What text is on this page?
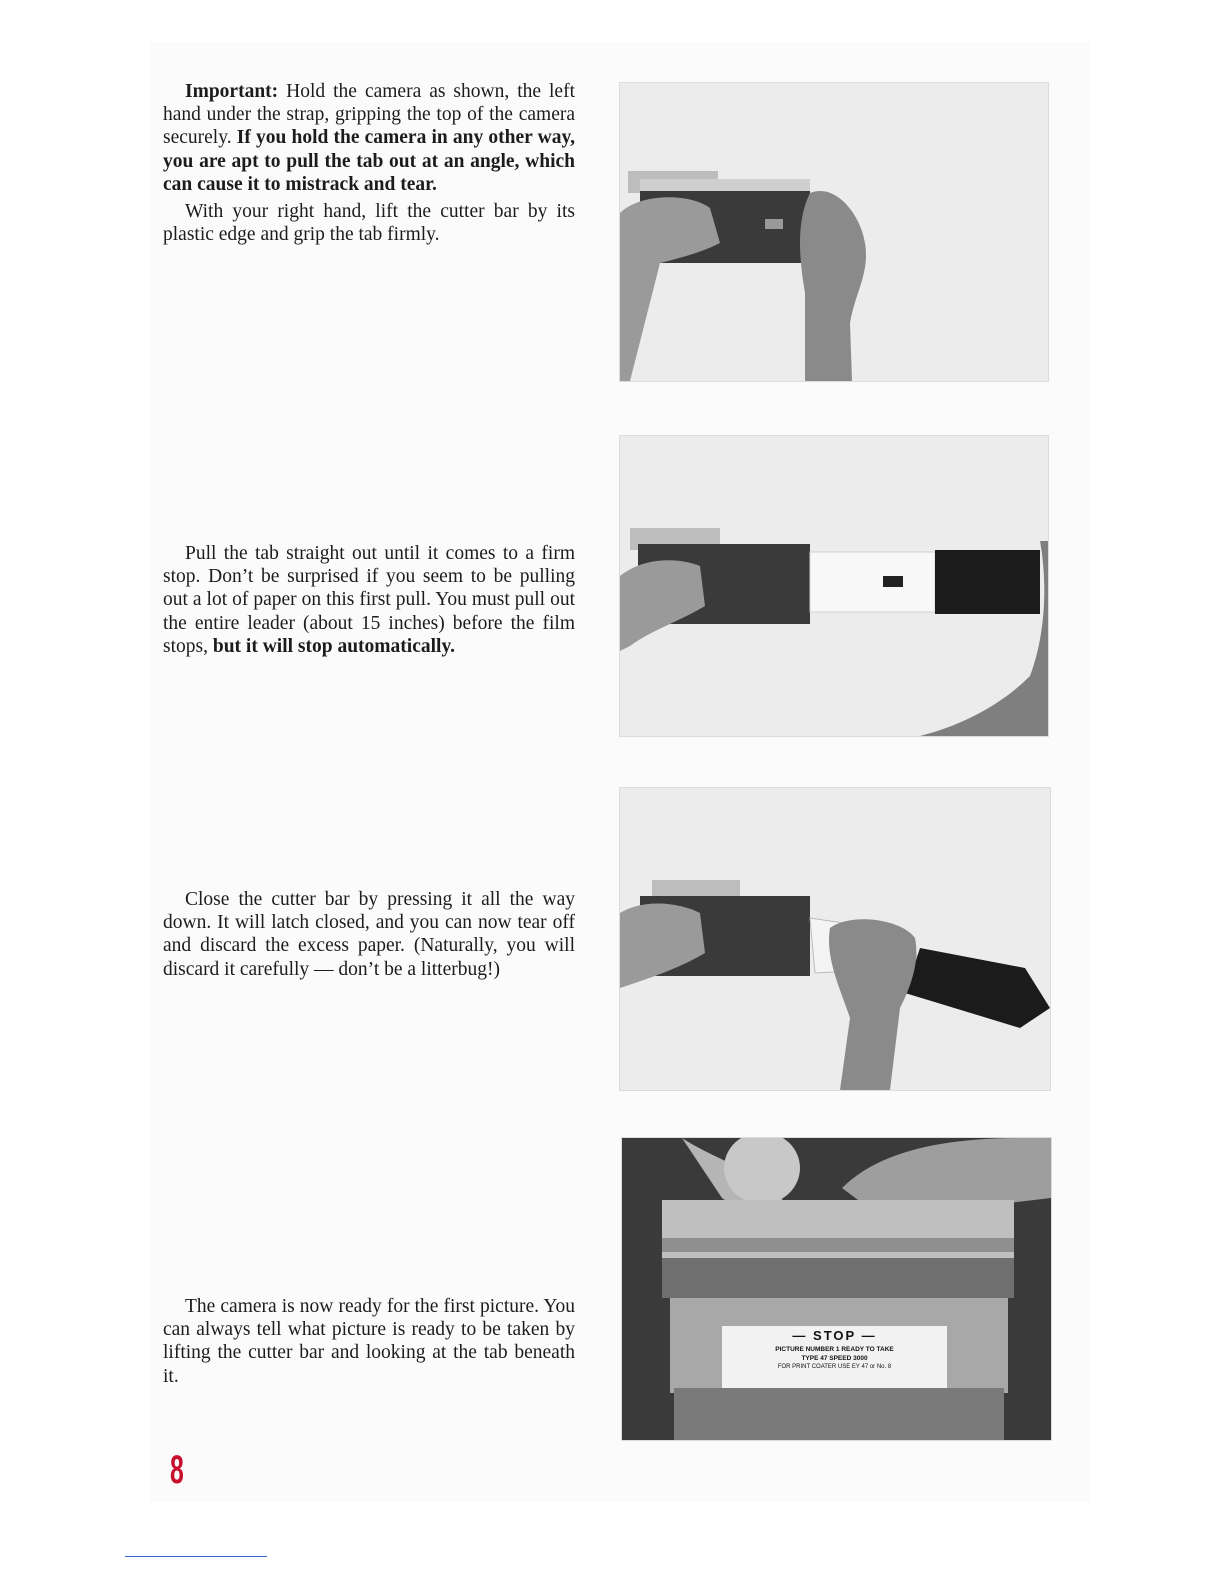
Important: Hold the camera as shown, the left hand under the strap, gripping the top of the camera securely. If you hold the camera in any other way, you are apt to pull the tab out at an angle, which can cause it to mistrack and tear.

With your right hand, lift the cutter bar by its plastic edge and grip the tab firmly.

Pull the tab straight out until it comes to a firm stop. Don’t be surprised if you seem to be pulling out a lot of paper on this first pull. You must pull out the entire leader (about 15 inches) before the film stops, but it will stop automatically.

Close the cutter bar by pressing it all the way down. It will latch closed, and you can now tear off and discard the excess paper. (Naturally, you will discard it carefully — don’t be a litterbug!)

The camera is now ready for the first picture. You can always tell what picture is ready to be taken by lifting the cutter bar and looking at the tab beneath it.

— STOP —
PICTURE NUMBER 1 READY TO TAKE
TYPE 47 SPEED 3000
FOR PRINT COATER USE EY 47 or No. 8
8
